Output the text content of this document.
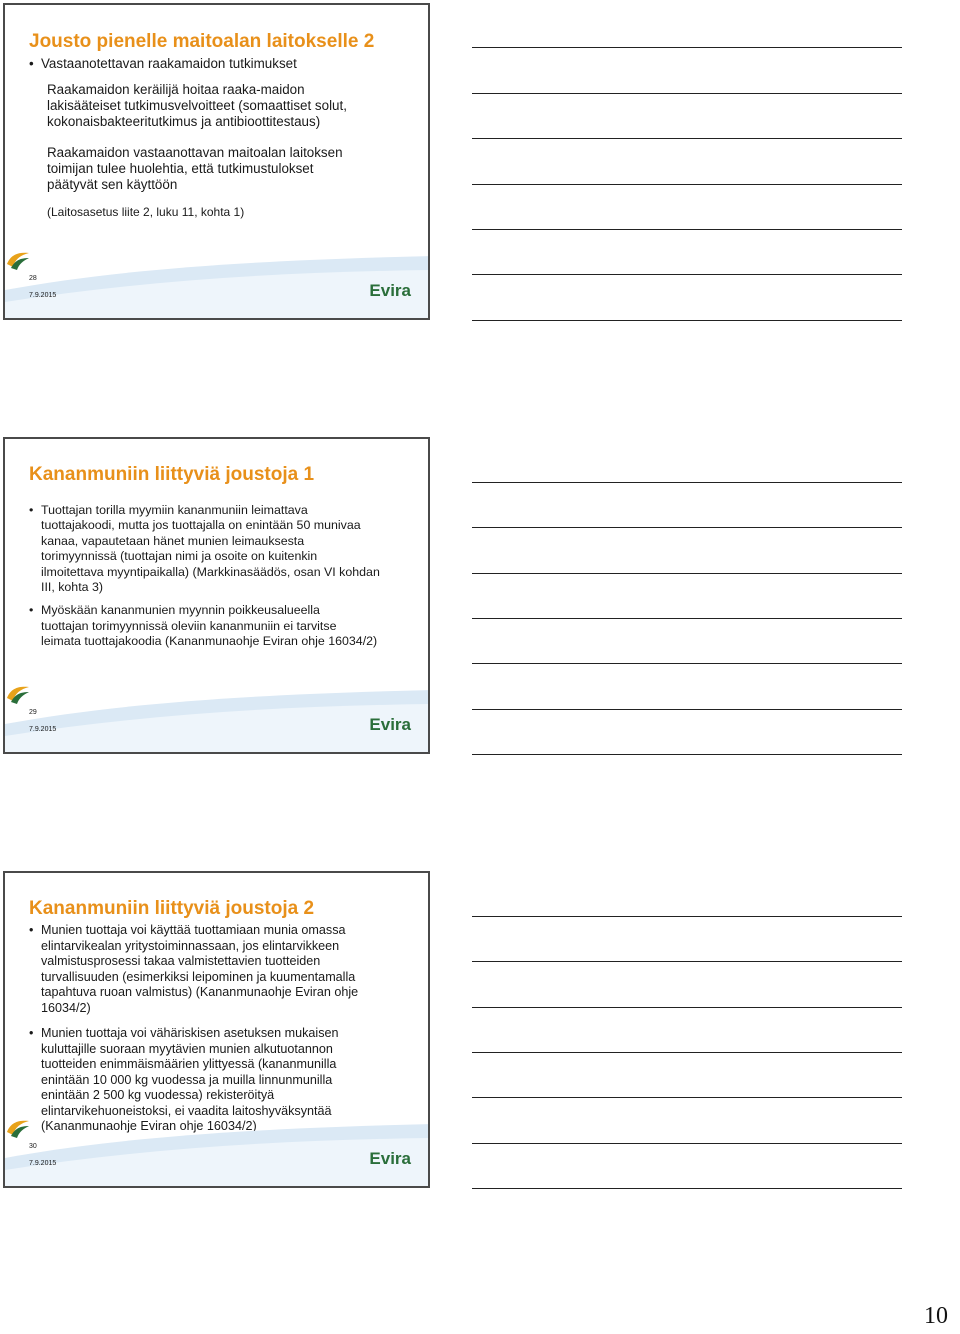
Jousto pienelle maitoalan laitokselle 2
• Vastaanotettavan raakamaidon tutkimukset
Raakamaidon keräilijä hoitaa raaka-maidon
lakisääteiset tutkimusvelvoitteet (somaattiset solut,
kokonaisbakteeritutkimus ja antibioottitestaus)
Raakamaidon vastaanottavan maitoalan laitoksen
toimijan tulee huolehtia, että tutkimustulokset
päätyvät sen käyttöön
(Laitosasetus liite 2, luku 11, kohta 1)
28
7.9.2015	Evira
Kananmuniin liittyviä joustoja 1
• Tuottajan torilla myymiin kananmuniin leimattava
tuottajakoodi, mutta jos tuottajalla on enintään 50 munivaa
kanaa, vapautetaan hänet munien leimauksesta
torimyynnissä (tuottajan nimi ja osoite on kuitenkin
ilmoitettava myyntipaikalla) (Markkinasäädös, osan VI kohdan
III, kohta 3)
• Myöskään kananmunien myynnin poikkeusalueella
tuottajan torimyynnissä oleviin kananmuniin ei tarvitse
leimata tuottajakoodia (Kananmunaohje Eviran ohje 16034/2)
29
7.9.2015	Evira
Kananmuniin liittyviä joustoja 2
• Munien tuottaja voi käyttää tuottamiaan munia omassa
elintarvikealan yritystoiminnassaan, jos elintarvikkeen
valmistusprosessi takaa valmistettavien tuotteiden
turvallisuuden (esimerkiksi leipominen ja kuumentamalla
tapahtuva ruoan valmistus) (Kananmunaohje Eviran ohje
16034/2)
• Munien tuottaja voi vähäriskisen asetuksen mukaisen
kuluttajille suoraan myytävien munien alkutuotannon
tuotteiden enimmäismäärien ylittyessä (kananmunilla
enintään 10 000 kg vuodessa ja muilla linnunmunilla
enintään 2 500 kg vuodessa) rekisteröityä
elintarvikehuoneistoksi, ei vaadita laitoshyväksyntää
(Kananmunaohje Eviran ohje 16034/2)
30
7.9.2015	Evira
10
